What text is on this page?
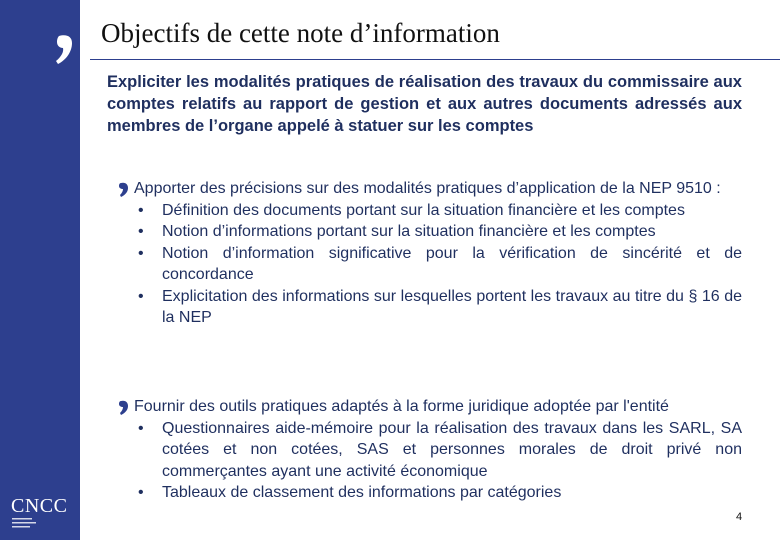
Objectifs de cette note d’information
Expliciter les modalités pratiques de réalisation des travaux du commissaire aux comptes relatifs au rapport de gestion et aux autres documents adressés aux membres de l’organe appelé à statuer sur les comptes

Apporter des précisions sur des modalités pratiques d’application de la NEP 9510 :

•	Définition des documents portant sur la situation financière et les comptes
•	Notion d’informations portant sur la situation financière et les comptes
•	Notion d’information significative pour la vérification de sincérité et de concordance
•	Explicitation des informations sur lesquelles portent les travaux au titre du § 16 de la NEP

Fournir des outils pratiques adaptés à la forme juridique adoptée par l'entité

•	Questionnaires aide-mémoire pour la réalisation des travaux dans les SARL, SA cotées et non cotées, SAS et personnes morales de droit privé non commerçantes ayant une activité économique
•	Tableaux de classement des informations par catégories
CNCC	4
